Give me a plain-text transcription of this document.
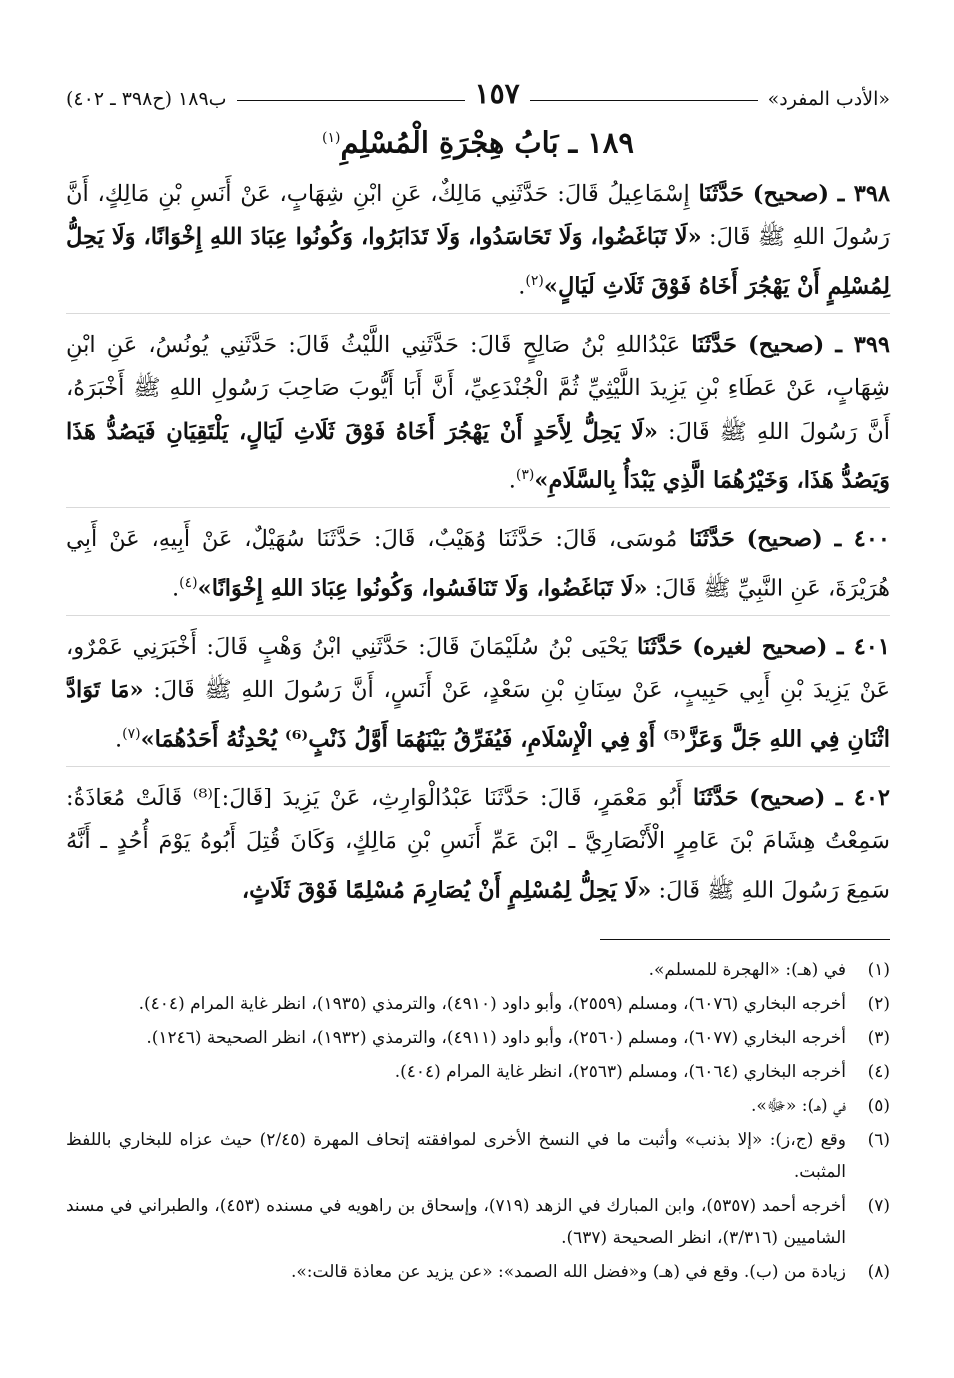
«الأدب المفرد»
١٥٧
ب١٨٩ (ح٣٩٨ ـ ٤٠٢)
١٨٩ ـ بَابُ هِجْرَةِ الْمُسْلِمِ$^{(١)}$

٣٩٨ ـ (صحيح) حَدَّثَنَا إِسْمَاعِيلُ قَالَ: حَدَّثَنِي مَالِكٌ، عَنِ ابْنِ شِهَابٍ، عَنْ أَنَسِ بْنِ مَالِكٍ، أَنَّ رَسُولَ اللهِ ﷺ قَالَ: «لَا تَبَاغَضُوا، وَلَا تَحَاسَدُوا، وَلَا تَدَابَرُوا، وَكُونُوا عِبَادَ اللهِ إِخْوَانًا، وَلَا يَحِلُّ لِمُسْلِمٍ أَنْ يَهْجُرَ أَخَاهُ فَوْقَ ثَلَاثِ لَيَالٍ»$^{(٢)}$.

٣٩٩ ـ (صحيح) حَدَّثَنَا عَبْدُاللهِ بْنُ صَالِحٍ قَالَ: حَدَّثَنِي اللَّيْثُ قَالَ: حَدَّثَنِي يُونُسُ، عَنِ ابْنِ شِهَابٍ، عَنْ عَطَاءِ بْنِ يَزِيدَ اللَّيْثِيِّ ثُمَّ الْجُنْدَعِيِّ، أَنَّ أَبَا أَيُّوبَ صَاحِبَ رَسُولِ اللهِ ﷺ أَخْبَرَهُ، أَنَّ رَسُولَ اللهِ ﷺ قَالَ: «لَا يَحِلُّ لِأَحَدٍ أَنْ يَهْجُرَ أَخَاهُ فَوْقَ ثَلَاثِ لَيَالٍ، يَلْتَقِيَانِ فَيَصُدُّ هَذَا وَيَصُدُّ هَذَا، وَخَيْرُهُمَا الَّذِي يَبْدَأُ بِالسَّلَامِ»$^{(٣)}$.

٤٠٠ ـ (صحيح) حَدَّثَنَا مُوسَى، قَالَ: حَدَّثَنَا وُهَيْبٌ، قَالَ: حَدَّثَنَا سُهَيْلٌ، عَنْ أَبِيهِ، عَنْ أَبِي هُرَيْرَةَ، عَنِ النَّبِيِّ ﷺ قَالَ: «لَا تَبَاغَضُوا، وَلَا تَنَافَسُوا، وَكُونُوا عِبَادَ اللهِ إِخْوَانًا»$^{(٤)}$.

٤٠١ ـ (صحيح لغيره) حَدَّثَنَا يَحْيَى بْنُ سُلَيْمَانَ قَالَ: حَدَّثَنِي ابْنُ وَهْبٍ قَالَ: أَخْبَرَنِي عَمْرٌو، عَنْ يَزِيدَ بْنِ أَبِي حَبِيبٍ، عَنْ سِنَانِ بْنِ سَعْدٍ، عَنْ أَنَسٍ، أَنَّ رَسُولَ اللهِ ﷺ قَالَ: «مَا تَوَادَّ اثْنَانِ فِي اللهِ جَلَّ وَعَزَّ⁽⁵⁾ أَوْ فِي الْإِسْلَامِ، فَيُفَرِّقُ بَيْنَهُمَا أَوَّلُ ذَنْبٍ⁽⁶⁾ يُحْدِثُهُ أَحَدُهُمَا»$^{(٧)}$.

٤٠٢ ـ (صحيح) حَدَّثَنَا أَبُو مَعْمَرٍ، قَالَ: حَدَّثَنَا عَبْدُالْوَارِثِ، عَنْ يَزِيدَ [قَالَ:]⁽⁸⁾ قَالَتْ مُعَاذَةُ: سَمِعْتُ هِشَامَ بْنَ عَامِرٍ الْأَنْصَارِيَّ ـ ابْنَ عَمِّ أَنَسِ بْنِ مَالِكٍ، وَكَانَ قُتِلَ أَبُوهُ يَوْمَ أُحُدٍ ـ أَنَّهُ سَمِعَ رَسُولَ اللهِ ﷺ قَالَ: «لَا يَحِلُّ لِمُسْلِمٍ أَنْ يُصَارِمَ مُسْلِمًا فَوْقَ ثَلَاثٍ،

(١)
في (هـ): «الهجرة للمسلم».
(٢)
أخرجه البخاري (٦٠٧٦)، ومسلم (٢٥٥٩)، وأبو داود (٤٩١٠)، والترمذي (١٩٣٥)، انظر غاية المرام (٤٠٤).
(٣)
أخرجه البخاري (٦٠٧٧)، ومسلم (٢٥٦٠)، وأبو داود (٤٩١١)، والترمذي (١٩٣٢)، انظر الصحيحة (١٢٤٦).
(٤)
أخرجه البخاري (٦٠٦٤)، ومسلم (٢٥٦٣)، انظر غاية المرام (٤٠٤).
(٥)
في (هـ): «ﷻ».
(٦)
وقع (ج،ز): «إلا بذنب» وأثبت ما في النسخ الأخرى لموافقته إتحاف المهرة (٢/٤٥) حيث عزاه للبخاري باللفظ المثبت.
(٧)
أخرجه أحمد (٥٣٥٧)، وابن المبارك في الزهد (٧١٩)، وإسحاق بن راهويه في مسنده (٤٥٣)، والطبراني في مسند الشاميين (٣/٣١٦)، انظر الصحيحة (٦٣٧).
(٨)
زيادة من (ب). وقع في (هـ) و«فضل الله الصمد»: «عن يزيد عن معاذة قالت:».
